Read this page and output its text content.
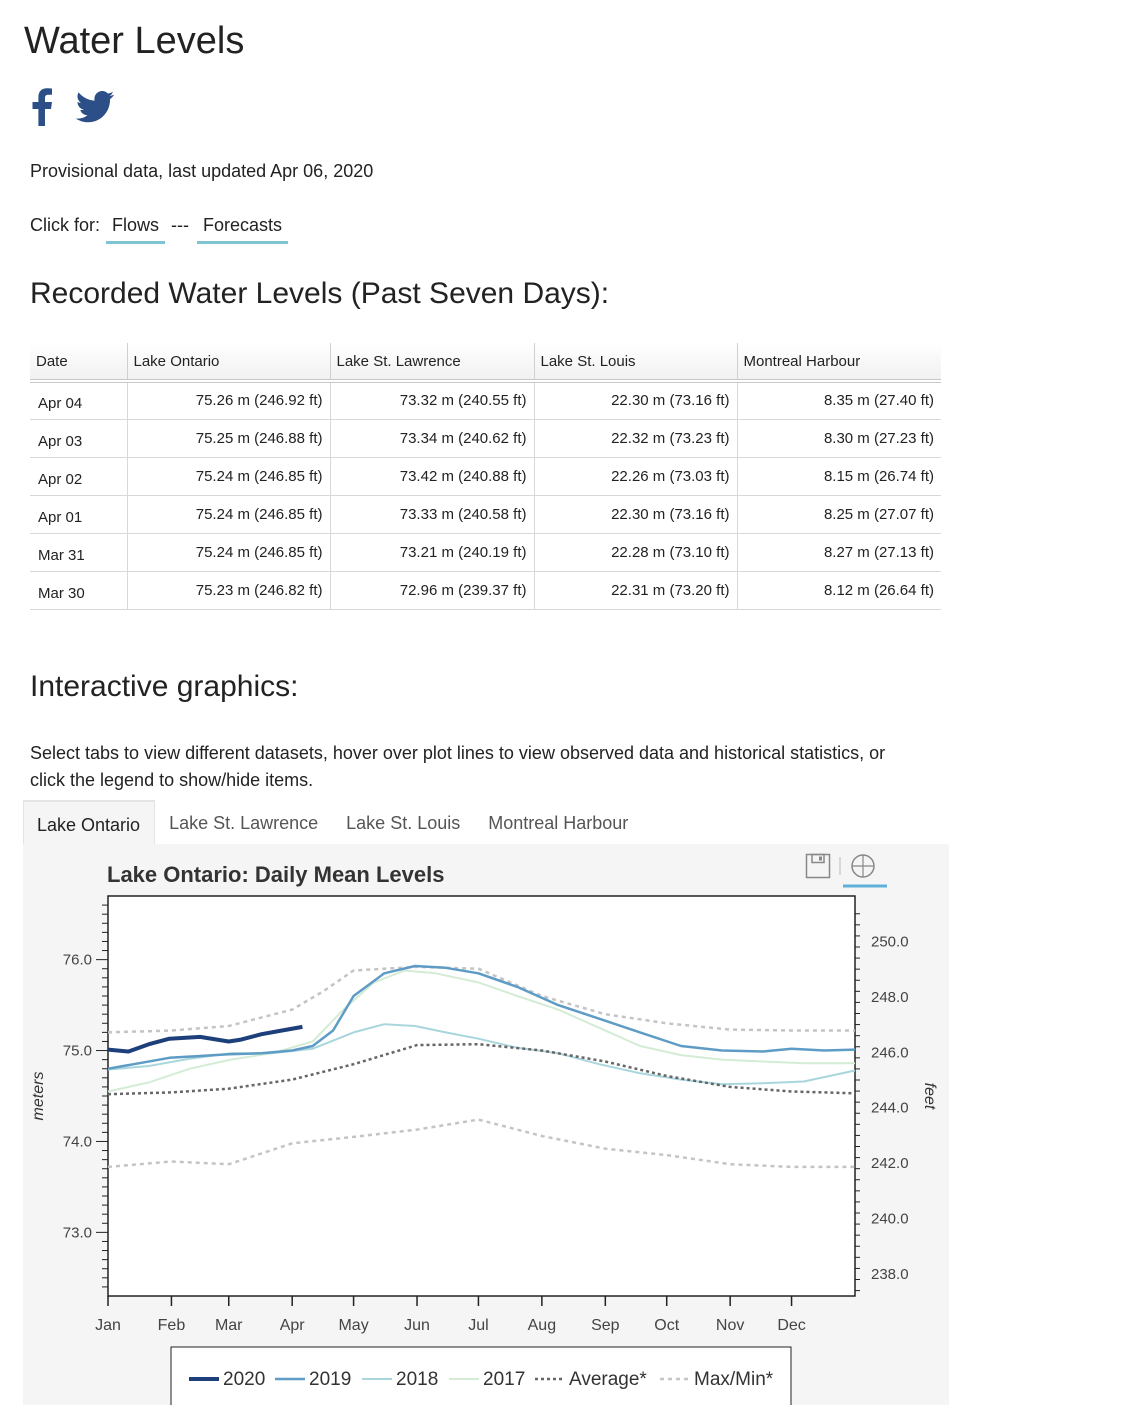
Water Levels
Provisional data, last updated Apr 06, 2020
Click for: Flows --- Forecasts
Recorded Water Levels (Past Seven Days):
Date	Lake Ontario	Lake St. Lawrence	Lake St. Louis	Montreal Harbour
Apr 04	75.26 m (246.92 ft)	73.32 m (240.55 ft)	22.30 m (73.16 ft)	8.35 m (27.40 ft)
Apr 03	75.25 m (246.88 ft)	73.34 m (240.62 ft)	22.32 m (73.23 ft)	8.30 m (27.23 ft)
Apr 02	75.24 m (246.85 ft)	73.42 m (240.88 ft)	22.26 m (73.03 ft)	8.15 m (26.74 ft)
Apr 01	75.24 m (246.85 ft)	73.33 m (240.58 ft)	22.30 m (73.16 ft)	8.25 m (27.07 ft)
Mar 31	75.24 m (246.85 ft)	73.21 m (240.19 ft)	22.28 m (73.10 ft)	8.27 m (27.13 ft)
Mar 30	75.23 m (246.82 ft)	72.96 m (239.37 ft)	22.31 m (73.20 ft)	8.12 m (26.64 ft)
Interactive graphics:

Select tabs to view different datasets, hover over plot lines to view observed data and historical statistics, or click the legend to show/hide items.

Lake Ontario	Lake St. Lawrence	Lake St. Louis	Montreal Harbour
Lake Ontario: Daily Mean Levels
73.0
74.0
75.0
76.0
238.0
240.0
242.0
244.0
246.0
248.0
250.0
Jan Feb Mar Apr May Jun Jul Aug Sep Oct Nov Dec
meters	feet
2020 2019 2018 2017 Average* Max/Min*
